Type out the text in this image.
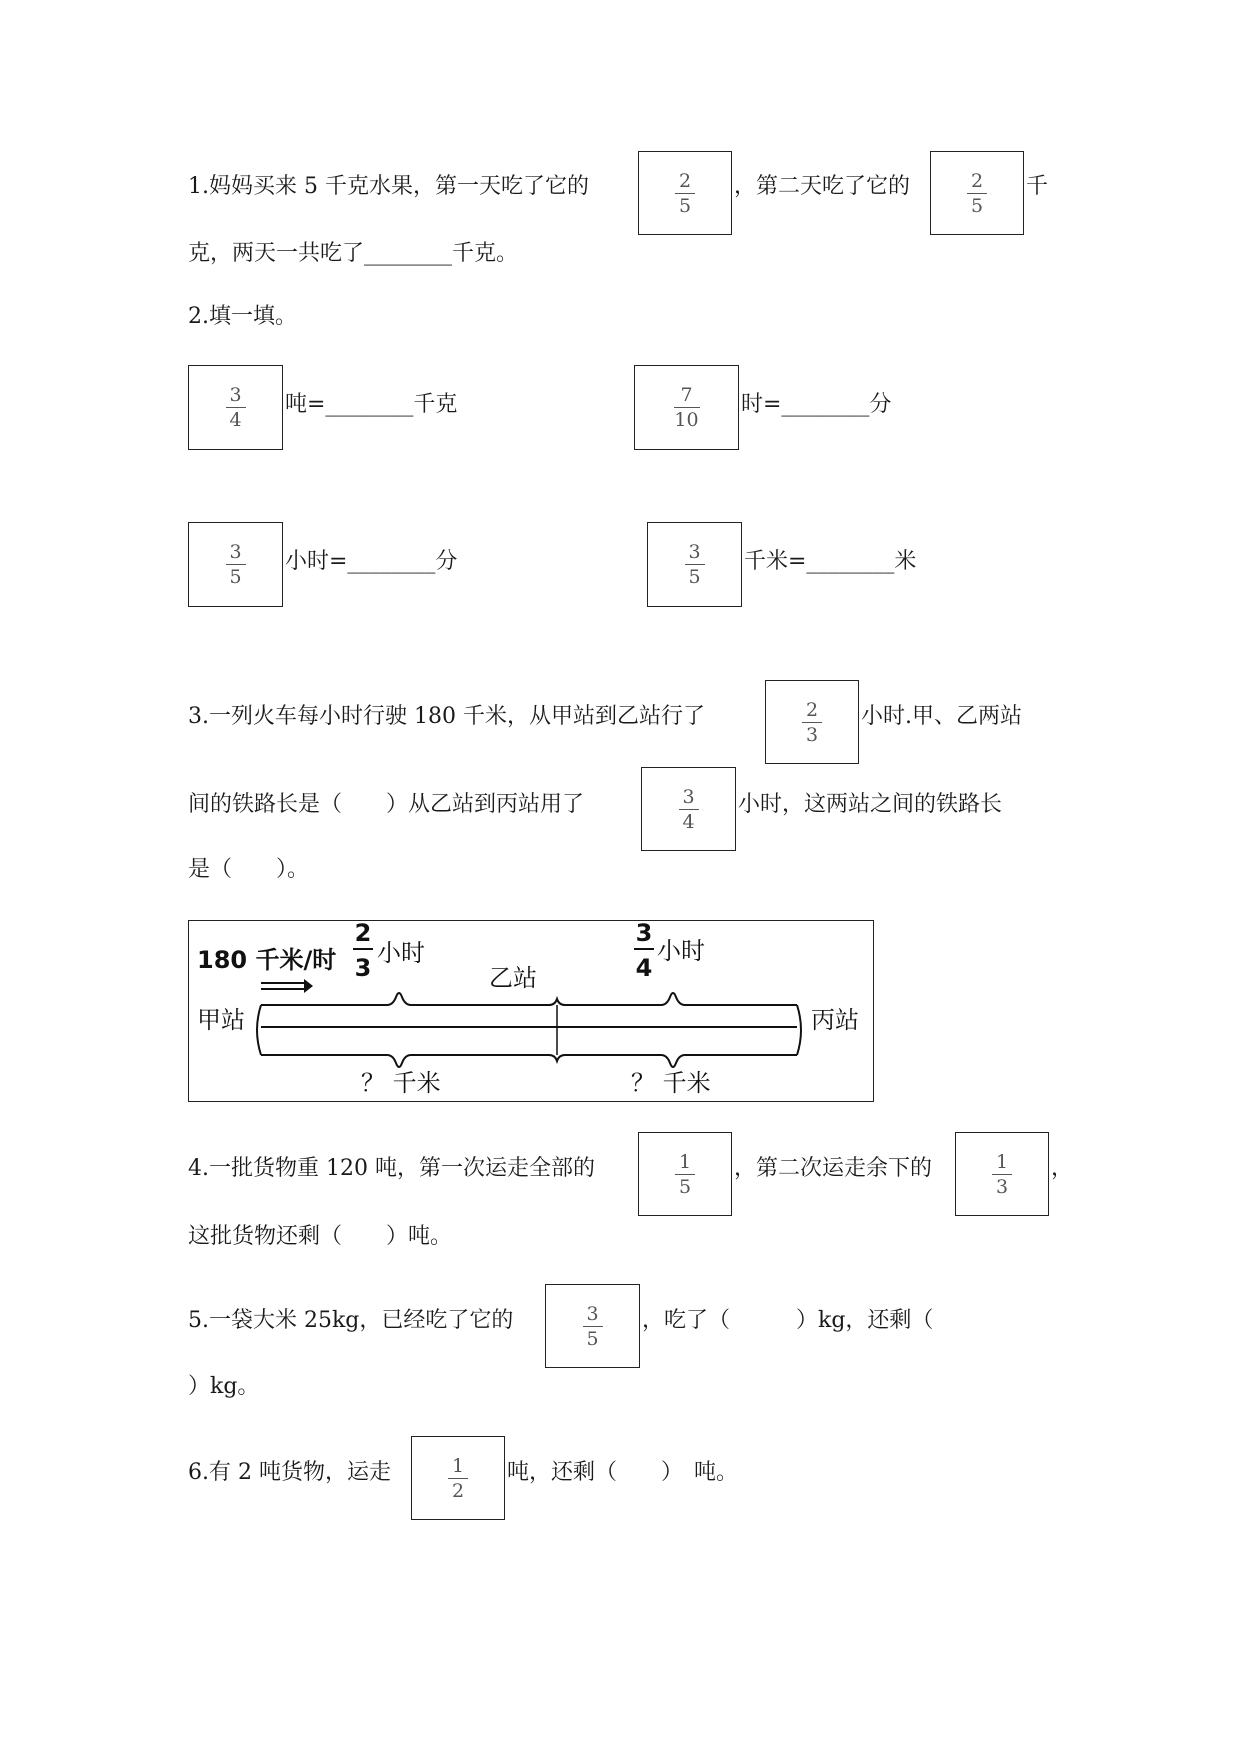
1.妈妈买来 5 千克水果，第一天吃了它的	$\frac{2}{5}$ ，第二天吃了它的	$\frac{2}{5}$ 千
克，两天一共吃了________千克。
2.填一填。
$\frac{3}{4}$ 吨=________千克	$\frac{7}{10}$ 时=________分
$\frac{3}{5}$ 小时=________分	$\frac{3}{5}$ 千米=________米
3.一列火车每小时行驶 180 千米，从甲站到乙站行了	$\frac{2}{3}$ 小时.甲、乙两站
间的铁路长是（　　）从乙站到丙站用了	$\frac{3}{4}$ 小时，这两站之间的铁路长
是（　　）。
180 千米/时
2
3
小时
3
4
小时
乙站
甲站	丙站
？ 千米	？ 千米
4.一批货物重 120 吨，第一次运走全部的	$\frac{1}{5}$ ，第二次运走余下的	$\frac{1}{3}$ ，
这批货物还剩（　　）吨。
5.一袋大米 25kg，已经吃了它的	$\frac{3}{5}$ ，吃了（　　　）kg，还剩（
）kg。
6.有 2 吨货物，运走	$\frac{1}{2}$ 吨，还剩（　　）　吨。
